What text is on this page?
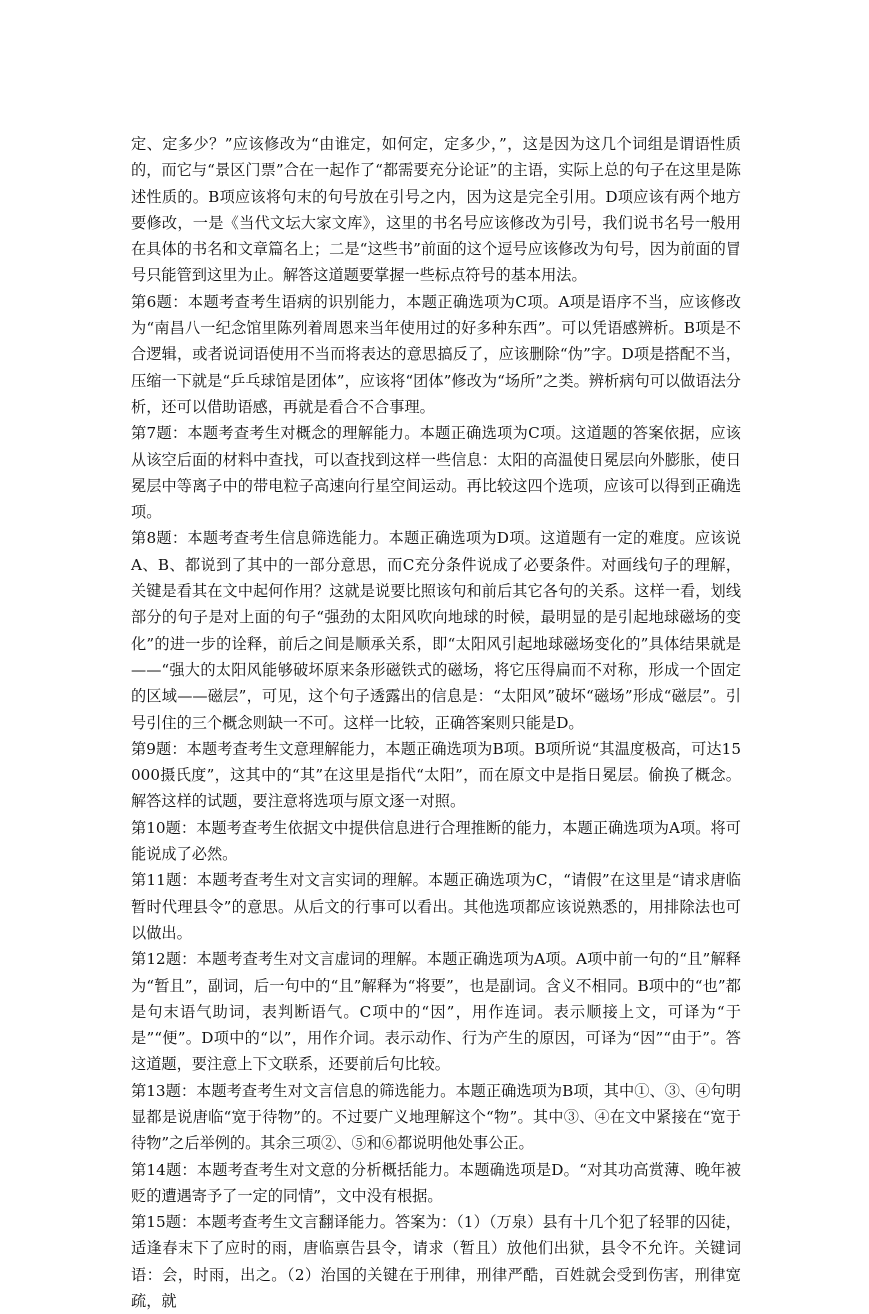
定、定多少？”应该修改为“由谁定，如何定，定多少，”，这是因为这几个词组是谓语性质的，而它与“景区门票”合在一起作了“都需要充分论证”的主语，实际上总的句子在这里是陈述性质的。B项应该将句末的句号放在引号之内，因为这是完全引用。D项应该有两个地方要修改，一是《当代文坛大家文库》，这里的书名号应该修改为引号，我们说书名号一般用在具体的书名和文章篇名上；二是“这些书”前面的这个逗号应该修改为句号，因为前面的冒号只能管到这里为止。解答这道题要掌握一些标点符号的基本用法。

第6题：本题考查考生语病的识别能力，本题正确选项为C项。A项是语序不当，应该修改为“南昌八一纪念馆里陈列着周恩来当年使用过的好多种东西”。可以凭语感辨析。B项是不合逻辑，或者说词语使用不当而将表达的意思搞反了，应该删除“伪”字。D项是搭配不当，压缩一下就是“乒乓球馆是团体”，应该将“团体”修改为“场所”之类。辨析病句可以做语法分析，还可以借助语感，再就是看合不合事理。

第7题：本题考查考生对概念的理解能力。本题正确选项为C项。这道题的答案依据，应该从该空后面的材料中查找，可以查找到这样一些信息：太阳的高温使日冕层向外膨胀，使日冕层中等离子中的带电粒子高速向行星空间运动。再比较这四个选项，应该可以得到正确选项。

第8题：本题考查考生信息筛选能力。本题正确选项为D项。这道题有一定的难度。应该说A、B、都说到了其中的一部分意思，而C充分条件说成了必要条件。对画线句子的理解，关键是看其在文中起何作用？这就是说要比照该句和前后其它各句的关系。这样一看，划线部分的句子是对上面的句子“强劲的太阳风吹向地球的时候，最明显的是引起地球磁场的变化”的进一步的诠释，前后之间是顺承关系，即“太阳风引起地球磁场变化的”具体结果就是——“强大的太阳风能够破坏原来条形磁铁式的磁场，将它压得扁而不对称，形成一个固定的区域——磁层”，可见，这个句子透露出的信息是：“太阳风”破坏“磁场”形成“磁层”。引号引住的三个概念则缺一不可。这样一比较，正确答案则只能是D。

第9题：本题考查考生文意理解能力，本题正确选项为B项。B项所说“其温度极高，可达15000摄氏度”，这其中的“其”在这里是指代“太阳”，而在原文中是指日冕层。偷换了概念。解答这样的试题，要注意将选项与原文逐一对照。

第10题：本题考查考生依据文中提供信息进行合理推断的能力，本题正确选项为A项。将可能说成了必然。

第11题：本题考查考生对文言实词的理解。本题正确选项为C，“请假”在这里是“请求唐临暂时代理县令”的意思。从后文的行事可以看出。其他选项都应该说熟悉的，用排除法也可以做出。

第12题：本题考查考生对文言虚词的理解。本题正确选项为A项。A项中前一句的“且”解释为“暂且”，副词，后一句中的“且”解释为“将要”，也是副词。含义不相同。B项中的“也”都是句末语气助词，表判断语气。C项中的“因”，用作连词。表示顺接上文，可译为“于是”“便”。D项中的“以”，用作介词。表示动作、行为产生的原因，可译为“因”“由于”。答这道题，要注意上下文联系，还要前后句比较。

第13题：本题考查考生对文言信息的筛选能力。本题正确选项为B项，其中①、③、④句明显都是说唐临“宽于待物”的。不过要广义地理解这个“物”。其中③、④在文中紧接在“宽于待物”之后举例的。其余三项②、⑤和⑥都说明他处事公正。

第14题：本题考查考生对文意的分析概括能力。本题确选项是D。“对其功高赏薄、晚年被贬的遭遇寄予了一定的同情”，文中没有根据。

第15题：本题考查考生文言翻译能力。答案为：（1）（万泉）县有十几个犯了轻罪的囚徒，适逢春末下了应时的雨，唐临禀告县令，请求（暂且）放他们出狱，县令不允许。关键词语：会，时雨，出之。（2）治国的关键在于刑律，刑律严酷，百姓就会受到伤害，刑律宽疏，就
